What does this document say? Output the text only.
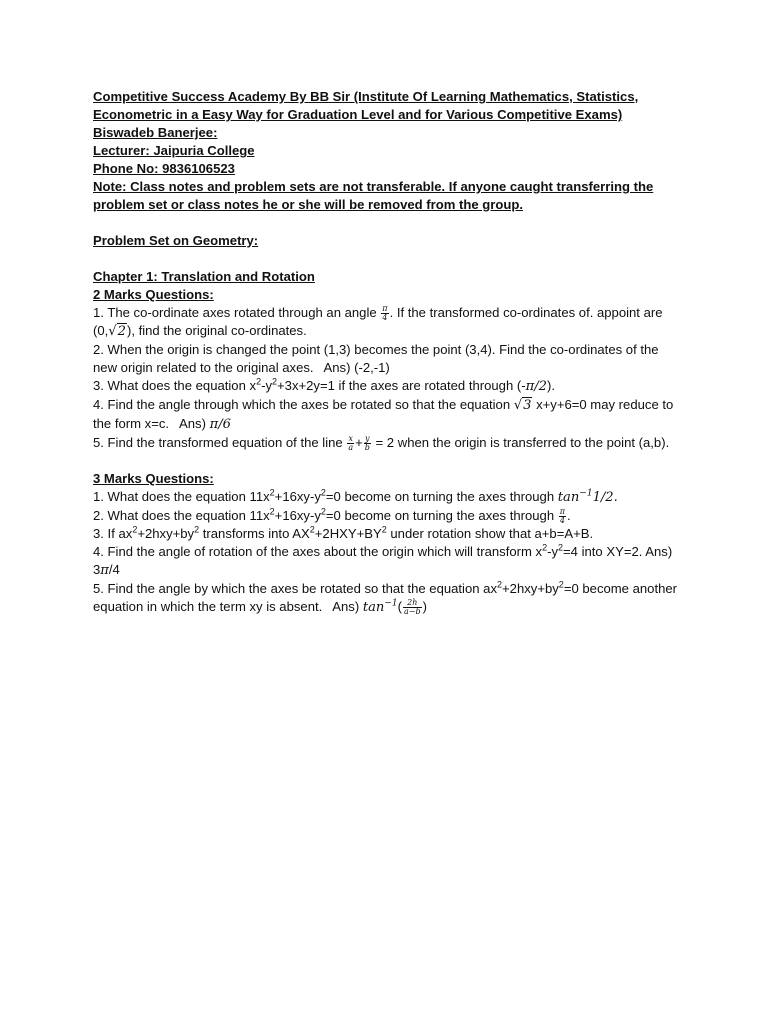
Competitive Success Academy By BB Sir (Institute Of Learning Mathematics, Statistics, Econometric in a Easy Way for Graduation Level and for Various Competitive Exams)

Biswadeb Banerjee:

Lecturer: Jaipuria College

Phone No: 9836106523

Note: Class notes and problem sets are not transferable. If anyone caught transferring the problem set or class notes he or she will be removed from the group.

Problem Set on Geometry:

Chapter 1: Translation and Rotation

2 Marks Questions:

1. The co-ordinate axes rotated through an angle $\frac{\pi}{4}$ . If the transformed co-ordinates of. appoint are (0,√2), find the original co-ordinates.

2. When the origin is changed the point (1,3) becomes the point (3,4). Find the co-ordinates of the new origin related to the original axes. Ans) (-2,-1)

3. What does the equation $x^2-y^2+3x+2y=1$ if the axes are rotated through (-π/2).

4. Find the angle through which the axes be rotated so that the equation √3 x+y+6=0 may reduce to the form x=c. Ans) π/6

5. Find the transformed equation of the line $\frac{x}{a} + \frac{y}{b} = 2$ when the origin is transferred to the point (a,b).

3 Marks Questions:

1. What does the equation $11x^2+16xy-y^2=0$ become on turning the axes through $\tan^{-1}1/2$.

2. What does the equation $11x^2+16xy-y^2=0$ become on turning the axes through $\frac{\pi}{4}$ .

3. If $ax^2+2hxy+by^2$ transforms into $AX^2+2HXY+BY^2$ under rotation show that a+b=A+B.

4. Find the angle of rotation of the axes about the origin which will transform $x^2-y^2=4$ into XY=2. Ans) 3π/4

5. Find the angle by which the axes be rotated so that the equation $ax^2+2hxy+by^2=0$ become another equation in which the term xy is absent. Ans) $\tan^{-1}( \frac{2h}{a-b}$ )
